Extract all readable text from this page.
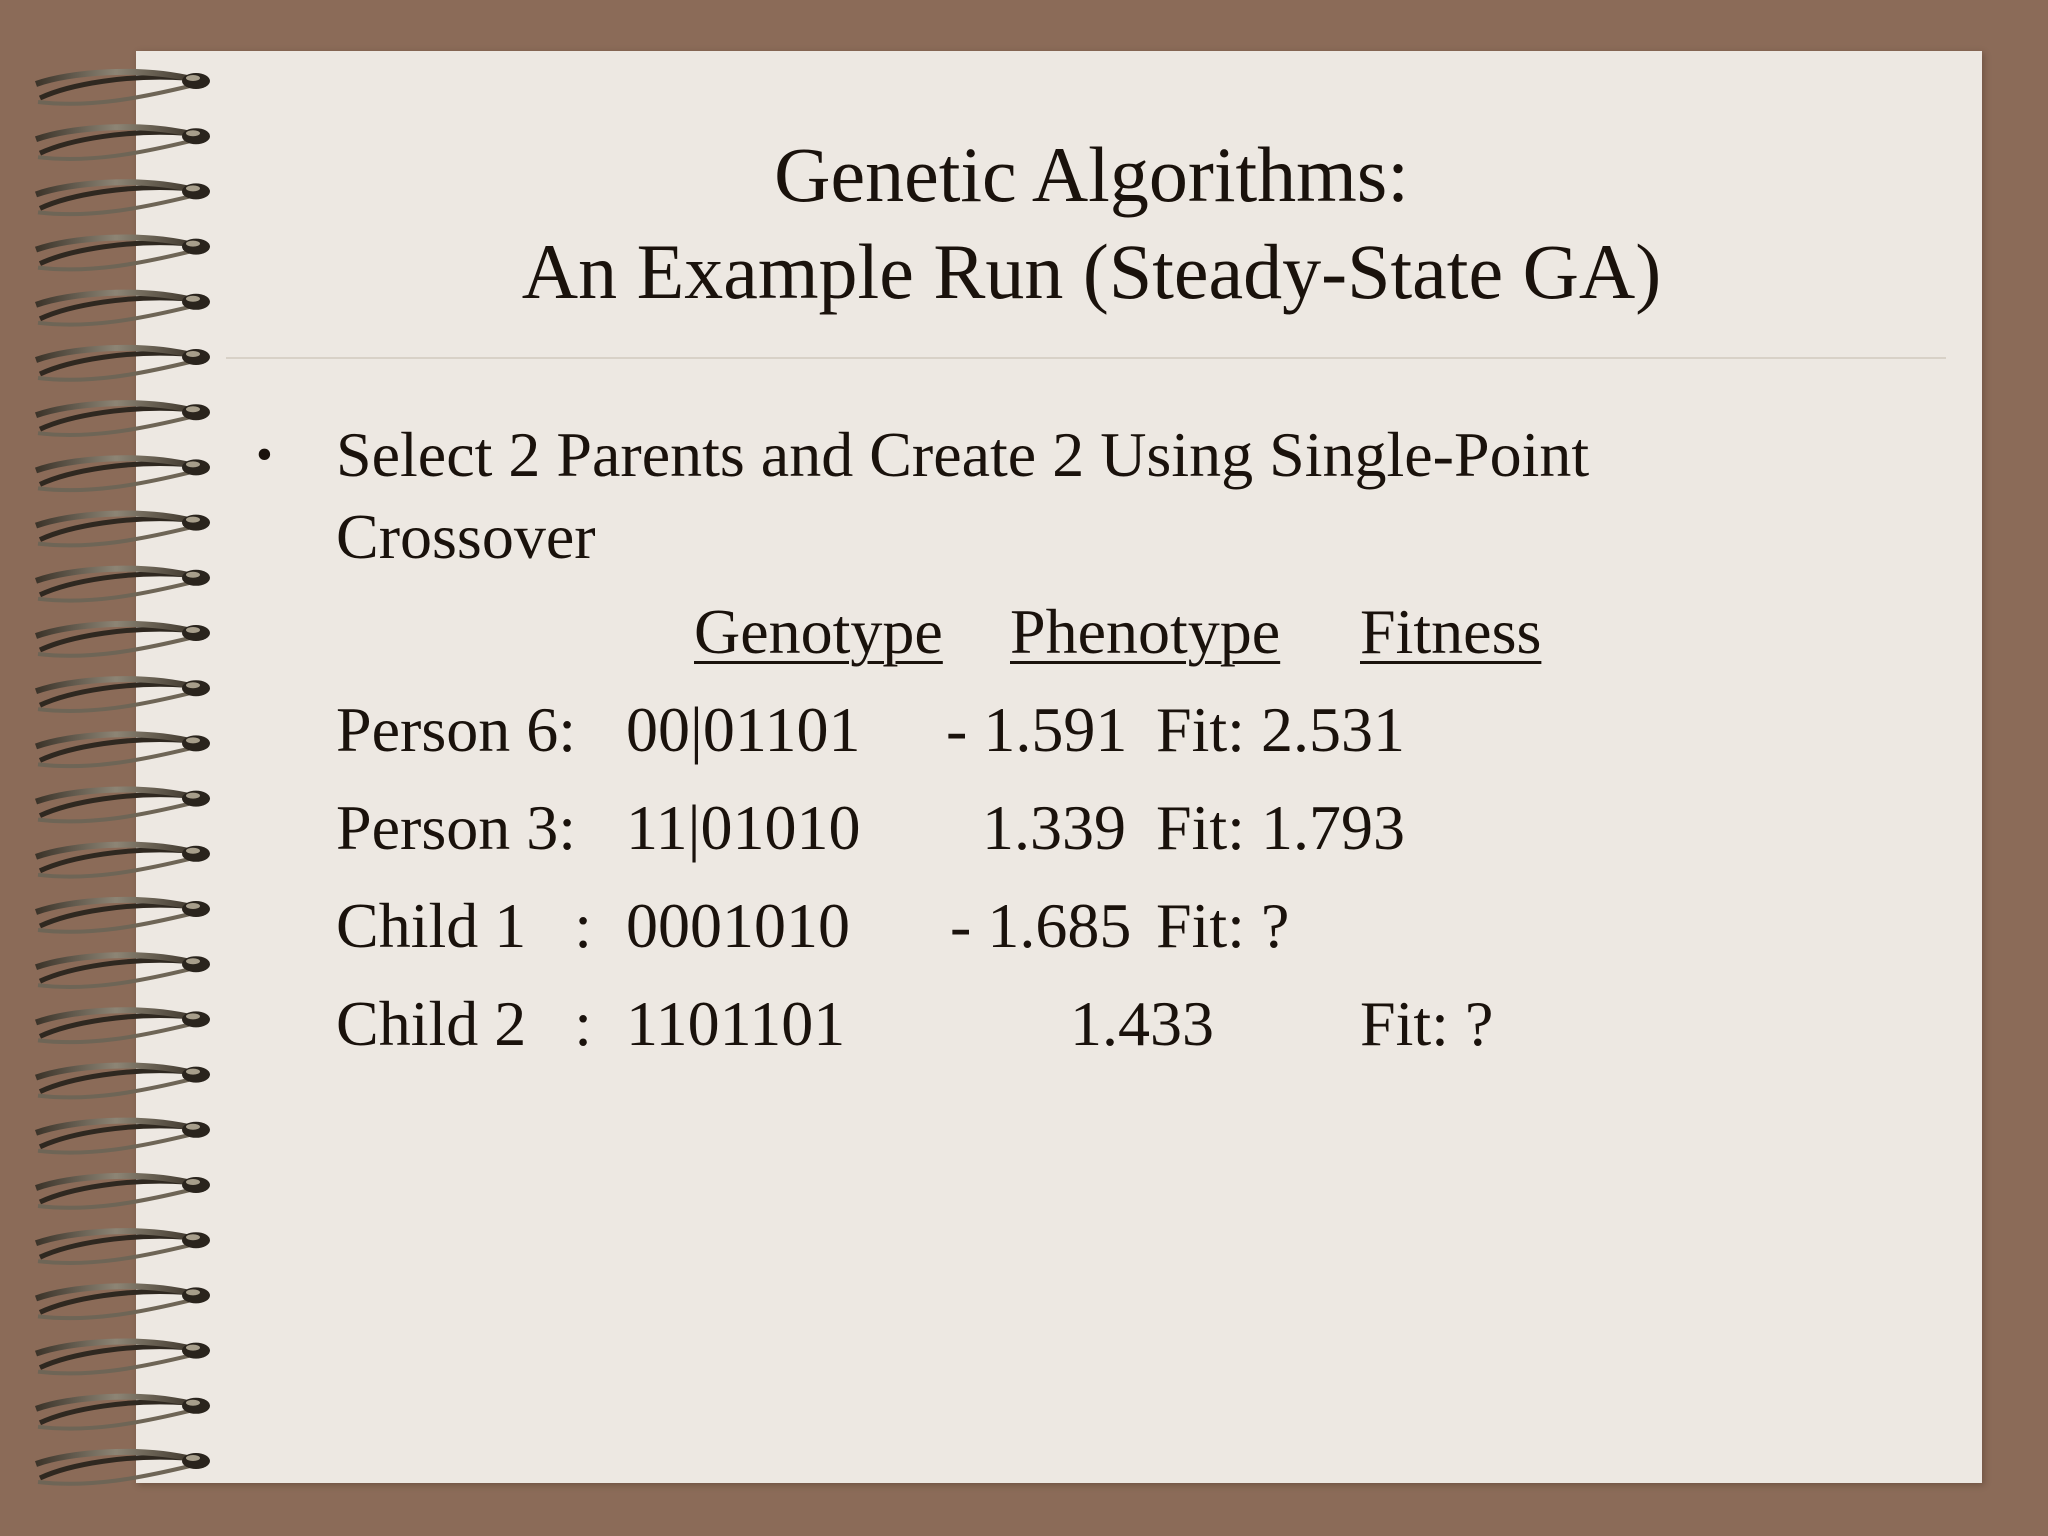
Genetic Algorithms:
An Example Run (Steady-State GA)
• Select 2 Parents and Create 2 Using Single-Point Crossover
Genotype Phenotype Fitness
Person 6: 00|01101 - 1.591 Fit: 2.531
Person 3: 11|01010 1.339 Fit: 1.793
Child 1   : 0001010 - 1.685 Fit: ?
Child 2   : 1101101	1.433 Fit: ?
